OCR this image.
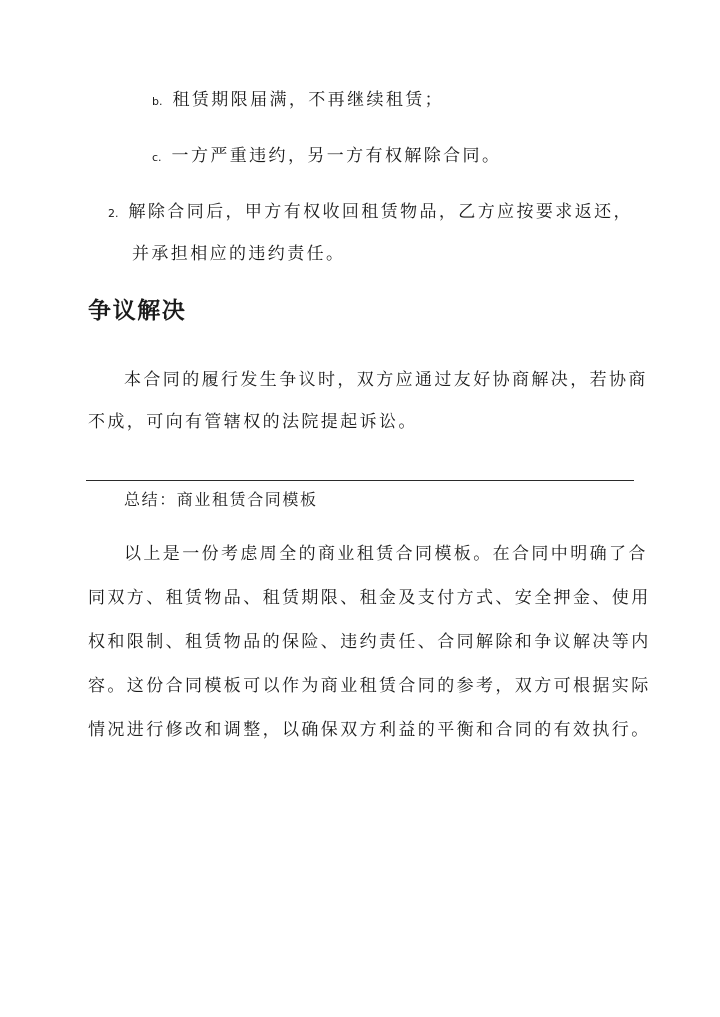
b. 租赁期限届满，不再继续租赁；
c. 一方严重违约，另一方有权解除合同。
2. 解除合同后，甲方有权收回租赁物品，乙方应按要求返还，
并承担相应的违约责任。
争议解决
本合同的履行发生争议时，双方应通过友好协商解决，若协商
不成，可向有管辖权的法院提起诉讼。
总结：商业租赁合同模板
以上是一份考虑周全的商业租赁合同模板。在合同中明确了合
同双方、租赁物品、租赁期限、租金及支付方式、安全押金、使用
权和限制、租赁物品的保险、违约责任、合同解除和争议解决等内
容。这份合同模板可以作为商业租赁合同的参考，双方可根据实际
情况进行修改和调整，以确保双方利益的平衡和合同的有效执行。
